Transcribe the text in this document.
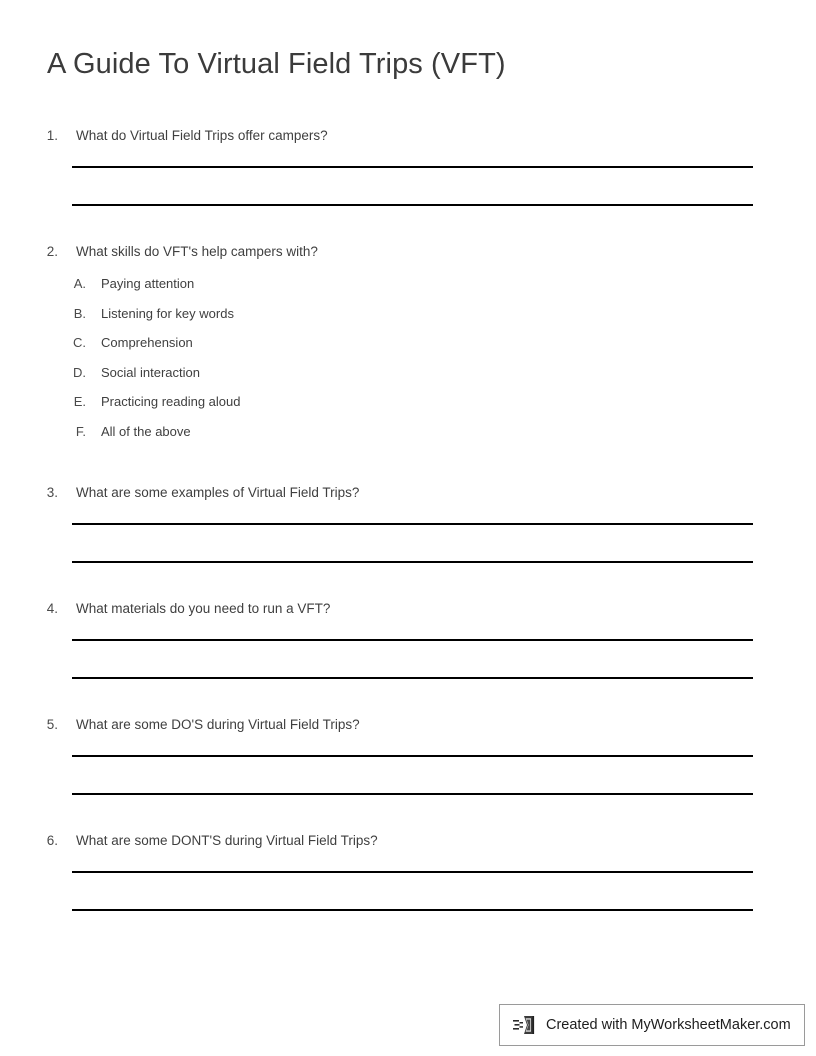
A Guide To Virtual Field Trips (VFT)
1. What do Virtual Field Trips offer campers?
2. What skills do VFT's help campers with?
A. Paying attention
B. Listening for key words
C. Comprehension
D. Social interaction
E. Practicing reading aloud
F. All of the above
3. What are some examples of Virtual Field Trips?
4. What materials do you need to run a VFT?
5. What are some DO'S during Virtual Field Trips?
6. What are some DONT'S during Virtual Field Trips?
Created with MyWorksheetMaker.com
